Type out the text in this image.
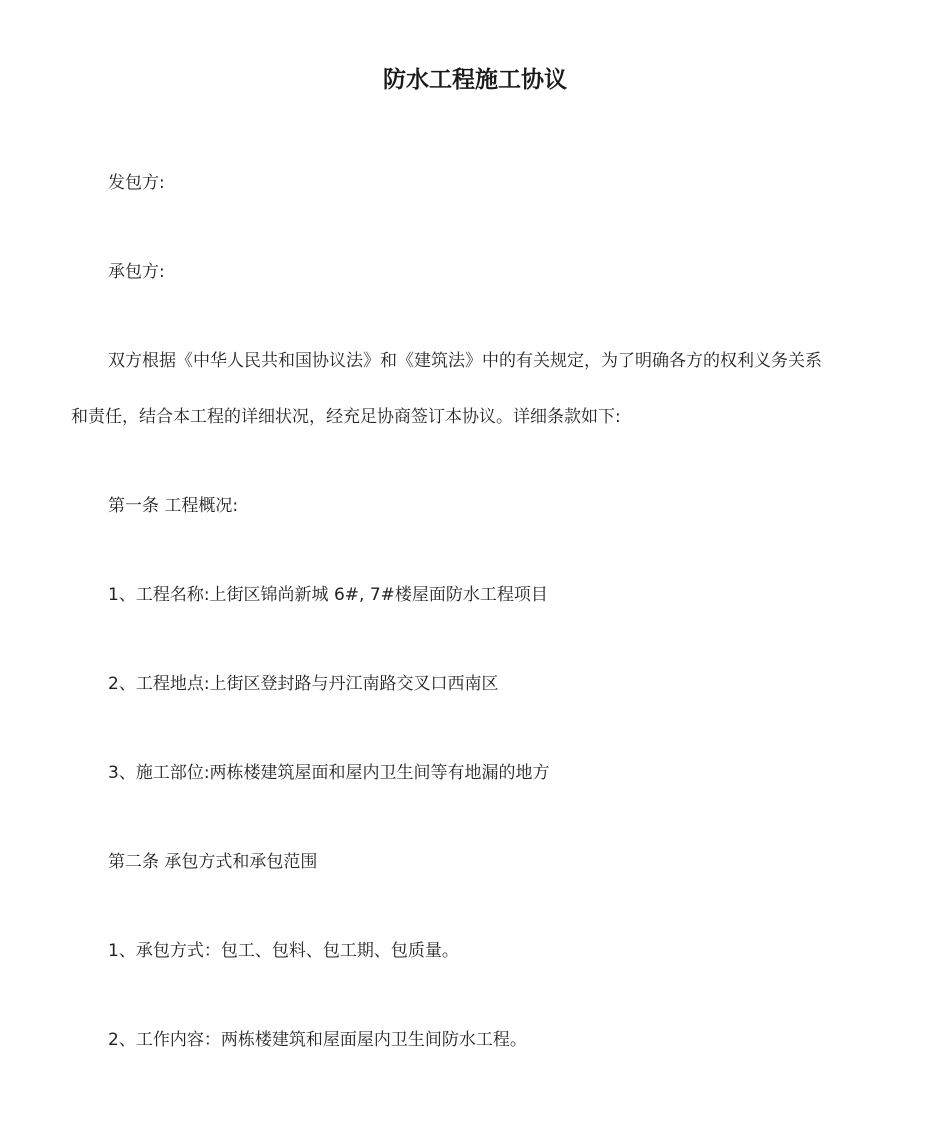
防水工程施工协议
发包方:
承包方:
双方根据《中华人民共和国协议法》和《建筑法》中的有关规定，为了明确各方的权利义务关系
和责任，结合本工程的详细状况，经充足协商签订本协议。详细条款如下:
第一条 工程概况:
1、工程名称:上街区锦尚新城 6#, 7#楼屋面防水工程项目
2、工程地点:上街区登封路与丹江南路交叉口西南区
3、施工部位:两栋楼建筑屋面和屋内卫生间等有地漏的地方
第二条 承包方式和承包范围
1、承包方式：包工、包料、包工期、包质量。
2、工作内容：两栋楼建筑和屋面屋内卫生间防水工程。
